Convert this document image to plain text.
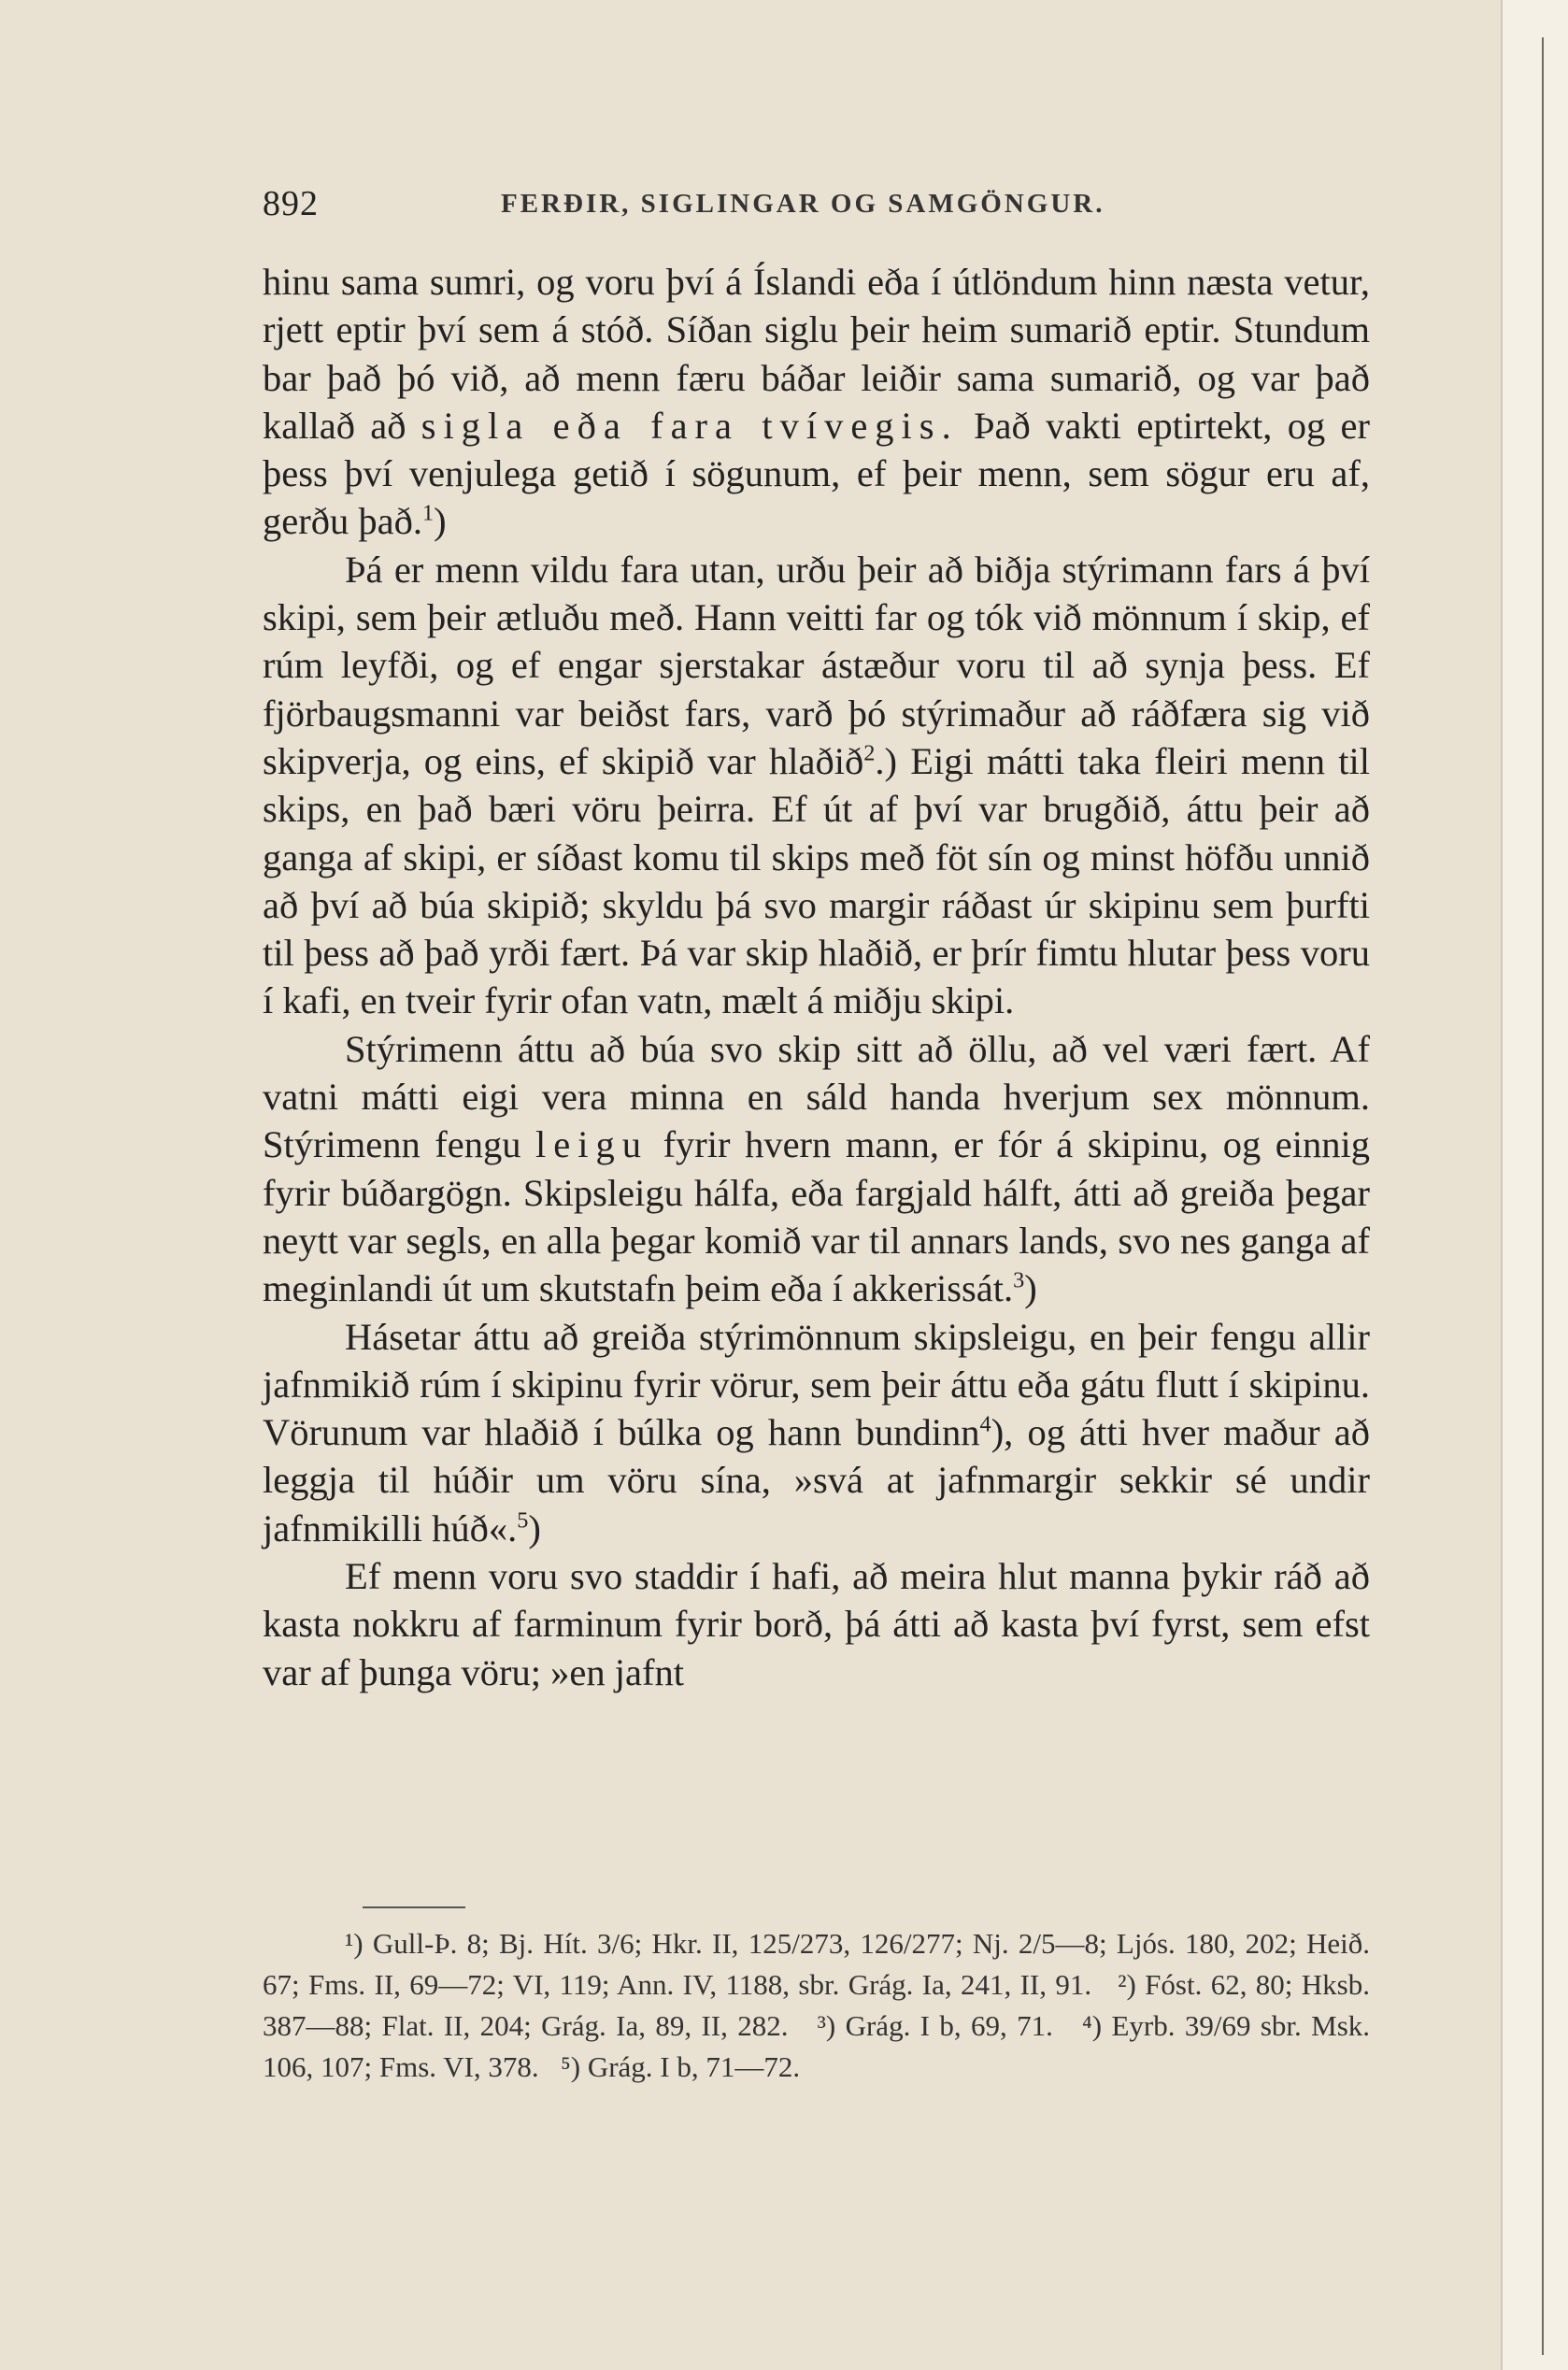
892	FERÐIR, SIGLINGAR OG SAMGÖNGUR.

hinu sama sumri, og voru því á Íslandi eða í útlöndum hinn næsta vetur, rjett eptir því sem á stóð. Síðan siglu þeir heim sumarið eptir. Stundum bar það þó við, að menn færu báðar leiðir sama sumarið, og var það kallað að sigla eða fara tvívegis. Það vakti eptirtekt, og er þess því venjulega getið í sögunum, ef þeir menn, sem sögur eru af, gerðu það.$^1$)

Þá er menn vildu fara utan, urðu þeir að biðja stýrimann fars á því skipi, sem þeir ætluðu með. Hann veitti far og tók við mönnum í skip, ef rúm leyfði, og ef engar sjerstakar ástæður voru til að synja þess. Ef fjörbaugsmanni var beiðst fars, varð þó stýrimaður að ráðfæra sig við skipverja, og eins, ef skipið var hlaðið$^2$.) Eigi mátti taka fleiri menn til skips, en það bæri vöru þeirra. Ef út af því var brugðið, áttu þeir að ganga af skipi, er síðast komu til skips með föt sín og minst höfðu unnið að því að búa skipið; skyldu þá svo margir ráðast úr skipinu sem þurfti til þess að það yrði fært. Þá var skip hlaðið, er þrír fimtu hlutar þess voru í kafi, en tveir fyrir ofan vatn, mælt á miðju skipi.

Stýrimenn áttu að búa svo skip sitt að öllu, að vel væri fært. Af vatni mátti eigi vera minna en sáld handa hverjum sex mönnum. Stýrimenn fengu leigu fyrir hvern mann, er fór á skipinu, og einnig fyrir búðargögn. Skipsleigu hálfa, eða fargjald hálft, átti að greiða þegar neytt var segls, en alla þegar komið var til annars lands, svo nes ganga af meginlandi út um skutstafn þeim eða í akkerissát.$^3$)

Hásetar áttu að greiða stýrimönnum skipsleigu, en þeir fengu allir jafnmikið rúm í skipinu fyrir vörur, sem þeir áttu eða gátu flutt í skipinu. Vörunum var hlaðið í búlka og hann bundinn$^4$), og átti hver maður að leggja til húðir um vöru sína, »svá at jafnmargir sekkir sé undir jafnmikilli húð«.$^5$)

Ef menn voru svo staddir í hafi, að meira hlut manna þykir ráð að kasta nokkru af farminum fyrir borð, þá átti að kasta því fyrst, sem efst var af þunga vöru; »en jafnt

¹) Gull-Þ. 8; Bj. Hít. 3/6; Hkr. II, 125/273, 126/277; Nj. 2/5—8; Ljós. 180, 202; Heið. 67; Fms. II, 69—72; VI, 119; Ann. IV, 1188, sbr. Grág. Ia, 241, II, 91. ²) Fóst. 62, 80; Hksb. 387—88; Flat. II, 204; Grág. Ia, 89, II, 282. ³) Grág. I b, 69, 71. ⁴) Eyrb. 39/69 sbr. Msk. 106, 107; Fms. VI, 378. ⁵) Grág. I b, 71—72.
